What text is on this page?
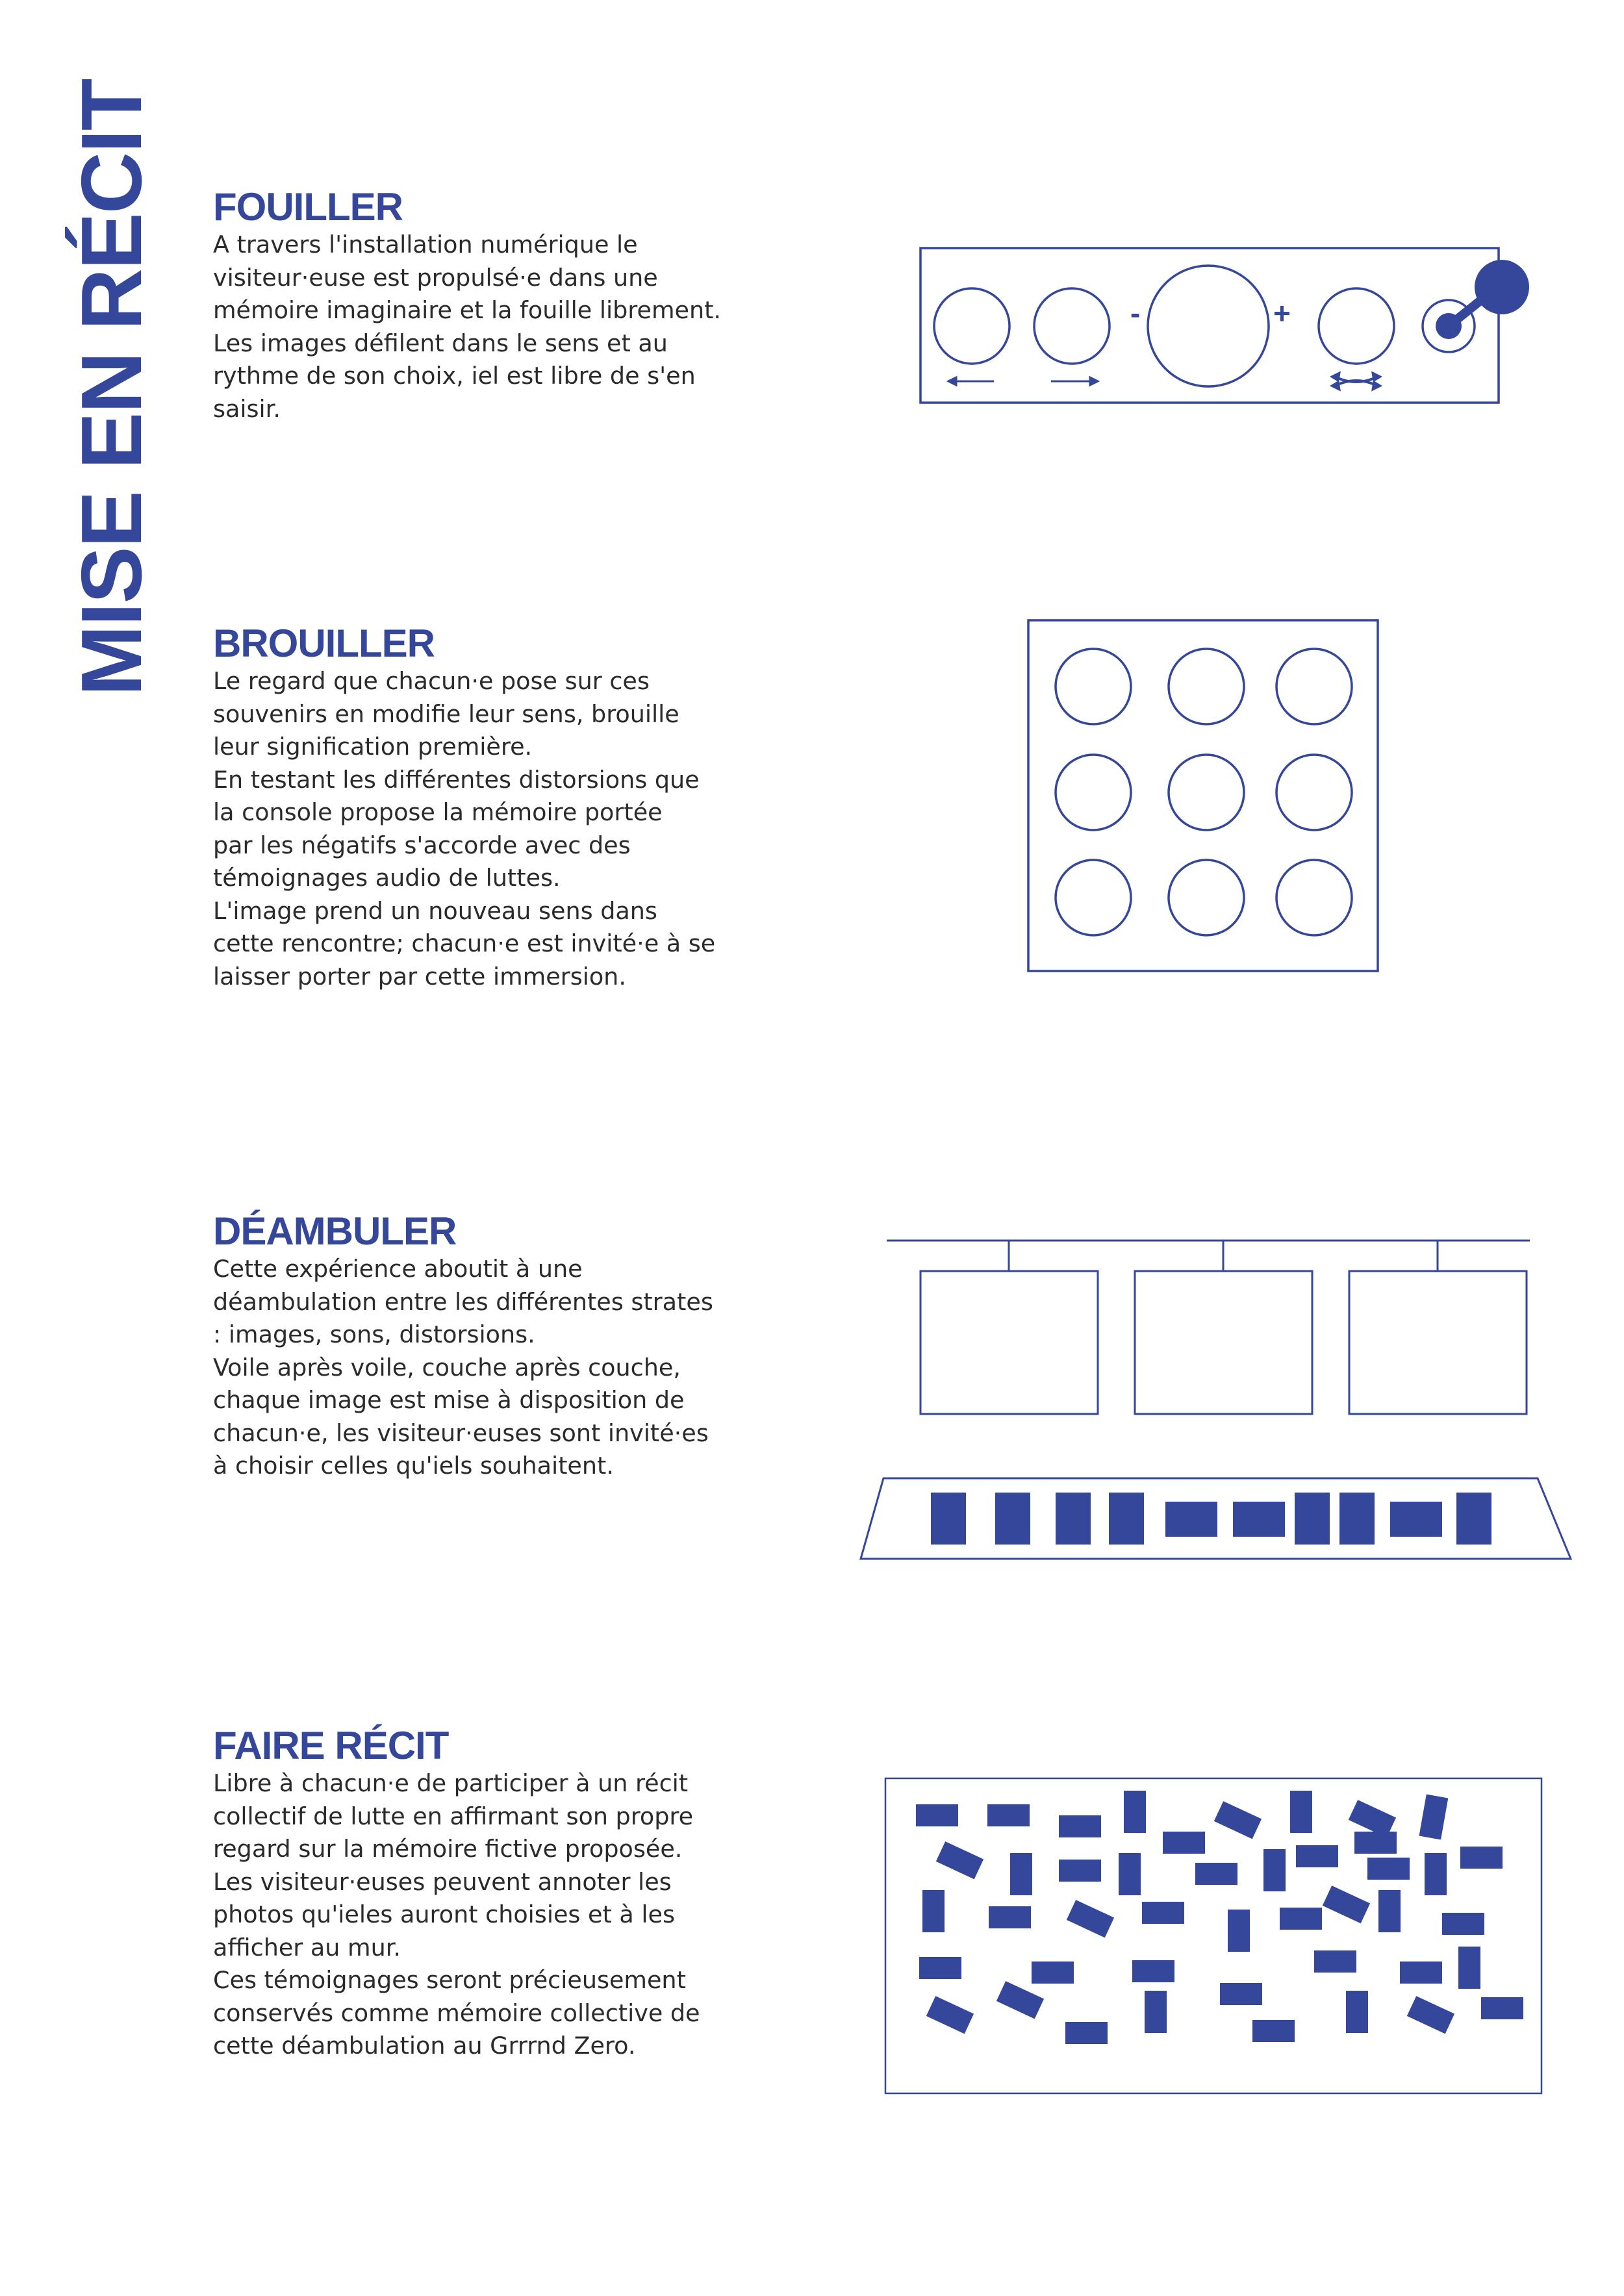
MISE EN RÉCIT FOUILLER

A travers l'installation numérique le
visiteur·euse est propulsé·e dans une
mémoire imaginaire et la fouille librement.
Les images défilent dans le sens et au
rythme de son choix, iel est libre de s'en
saisir.

BROUILLER

Le regard que chacun·e pose sur ces
souvenirs en modifie leur sens, brouille
leur signification première.
En testant les différentes distorsions que
la console propose la mémoire portée
par les négatifs s'accorde avec des
témoignages audio de luttes.
L'image prend un nouveau sens dans
cette rencontre; chacun·e est invité·e à se
laisser porter par cette immersion.

DÉAMBULER

Cette expérience aboutit à une
déambulation entre les différentes strates
: images, sons, distorsions.
Voile après voile, couche après couche,
chaque image est mise à disposition de
chacun·e, les visiteur·euses sont invité·es
à choisir celles qu'iels souhaitent.

FAIRE RÉCIT

Libre à chacun·e de participer à un récit
collectif de lutte en affirmant son propre
regard sur la mémoire fictive proposée.
Les visiteur·euses peuvent annoter les
photos qu'ieles auront choisies et à les
afficher au mur.
Ces témoignages seront précieusement
conservés comme mémoire collective de
cette déambulation au Grrrnd Zero.

-	+
